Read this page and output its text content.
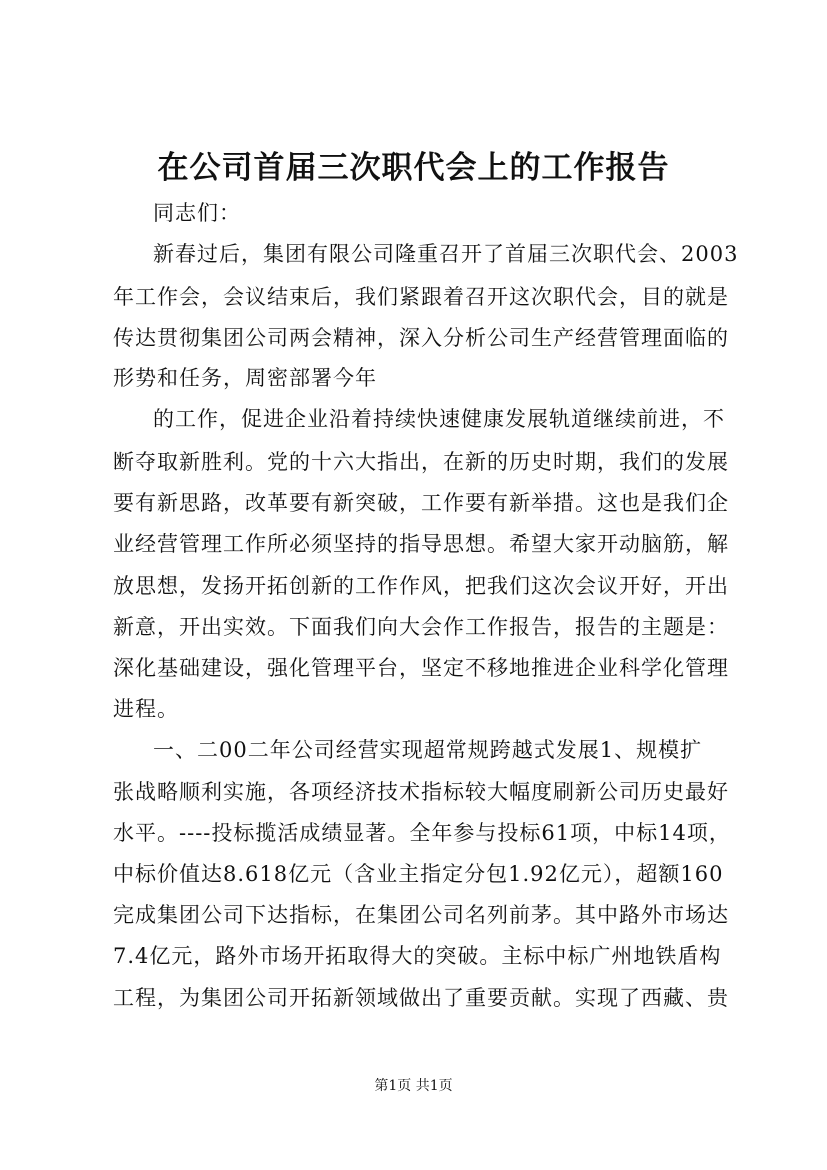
在公司首届三次职代会上的工作报告
同志们：
新春过后，集团有限公司隆重召开了首届三次职代会、2003
年工作会，会议结束后，我们紧跟着召开这次职代会，目的就是
传达贯彻集团公司两会精神，深入分析公司生产经营管理面临的
形势和任务，周密部署今年
的工作，促进企业沿着持续快速健康发展轨道继续前进，不
断夺取新胜利。党的十六大指出，在新的历史时期，我们的发展
要有新思路，改革要有新突破，工作要有新举措。这也是我们企
业经营管理工作所必须坚持的指导思想。希望大家开动脑筋，解
放思想，发扬开拓创新的工作作风，把我们这次会议开好，开出
新意，开出实效。下面我们向大会作工作报告，报告的主题是：
深化基础建设，强化管理平台，坚定不移地推进企业科学化管理
进程。
一、二00二年公司经营实现超常规跨越式发展1、规模扩
张战略顺利实施，各项经济技术指标较大幅度刷新公司历史最好
水平。----投标揽活成绩显著。全年参与投标61项，中标14项，
中标价值达8.618亿元（含业主指定分包1.92亿元），超额160
完成集团公司下达指标，在集团公司名列前茅。其中路外市场达
7.4亿元，路外市场开拓取得大的突破。主标中标广州地铁盾构
工程，为集团公司开拓新领域做出了重要贡献。实现了西藏、贵
第1页 共1页
